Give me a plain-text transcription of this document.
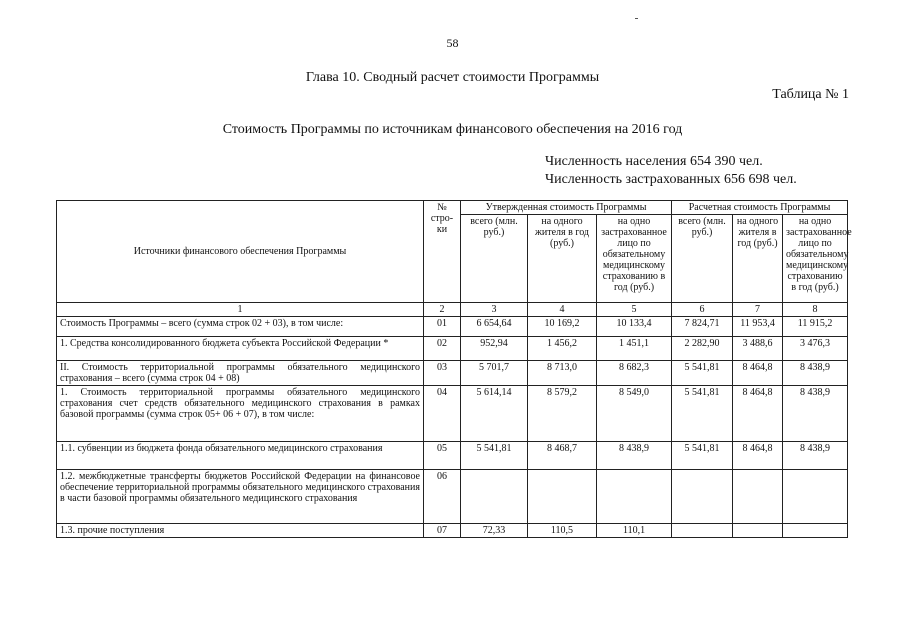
58
Глава 10. Сводный расчет стоимости Программы
Таблица № 1
Стоимость Программы по источникам финансового обеспечения на 2016 год
Численность населения 654 390 чел.
Численность застрахованных 656 698 чел.
Источники финансового обеспечения Программы	№ стро-ки	Утвержденная стоимость Программы			Расчетная стоимость Программы		
		всего (млн. руб.)	на одного жителя в год (руб.)	на одно застрахованное лицо по обязательному медицинскому страхованию в год (руб.)	всего (млн. руб.)	на одного жителя в год (руб.)	на одно застрахованное лицо по обязательному медицинскому страхованию в год (руб.)
1	2	3	4	5	6	7	8
Стоимость Программы – всего (сумма строк 02 + 03), в том числе:	01	6 654,64	10 169,2	10 133,4	7 824,71	11 953,4	11 915,2
1. Средства консолидированного бюджета субъекта Российской Федерации *	02	952,94	1 456,2	1 451,1	2 282,90	3 488,6	3 476,3
II. Стоимость территориальной программы обязательного медицинского страхования – всего (сумма строк 04 + 08)	03	5 701,7	8 713,0	8 682,3	5 541,81	8 464,8	8 438,9
1. Стоимость территориальной программы обязательного медицинского страхования счет средств обязательного медицинского страхования в рамках базовой программы (сумма строк 05+ 06 + 07), в том числе:	04	5 614,14	8 579,2	8 549,0	5 541,81	8 464,8	8 438,9
1.1. субвенции из бюджета фонда обязательного медицинского страхования	05	5 541,81	8 468,7	8 438,9	5 541,81	8 464,8	8 438,9
1.2. межбюджетные трансферты бюджетов Российской Федерации на финансовое обеспечение территориальной программы обязательного медицинского страхования в части базовой программы обязательного медицинского страхования	06						
1.3. прочие поступления	07	72,33	110,5	110,1			
